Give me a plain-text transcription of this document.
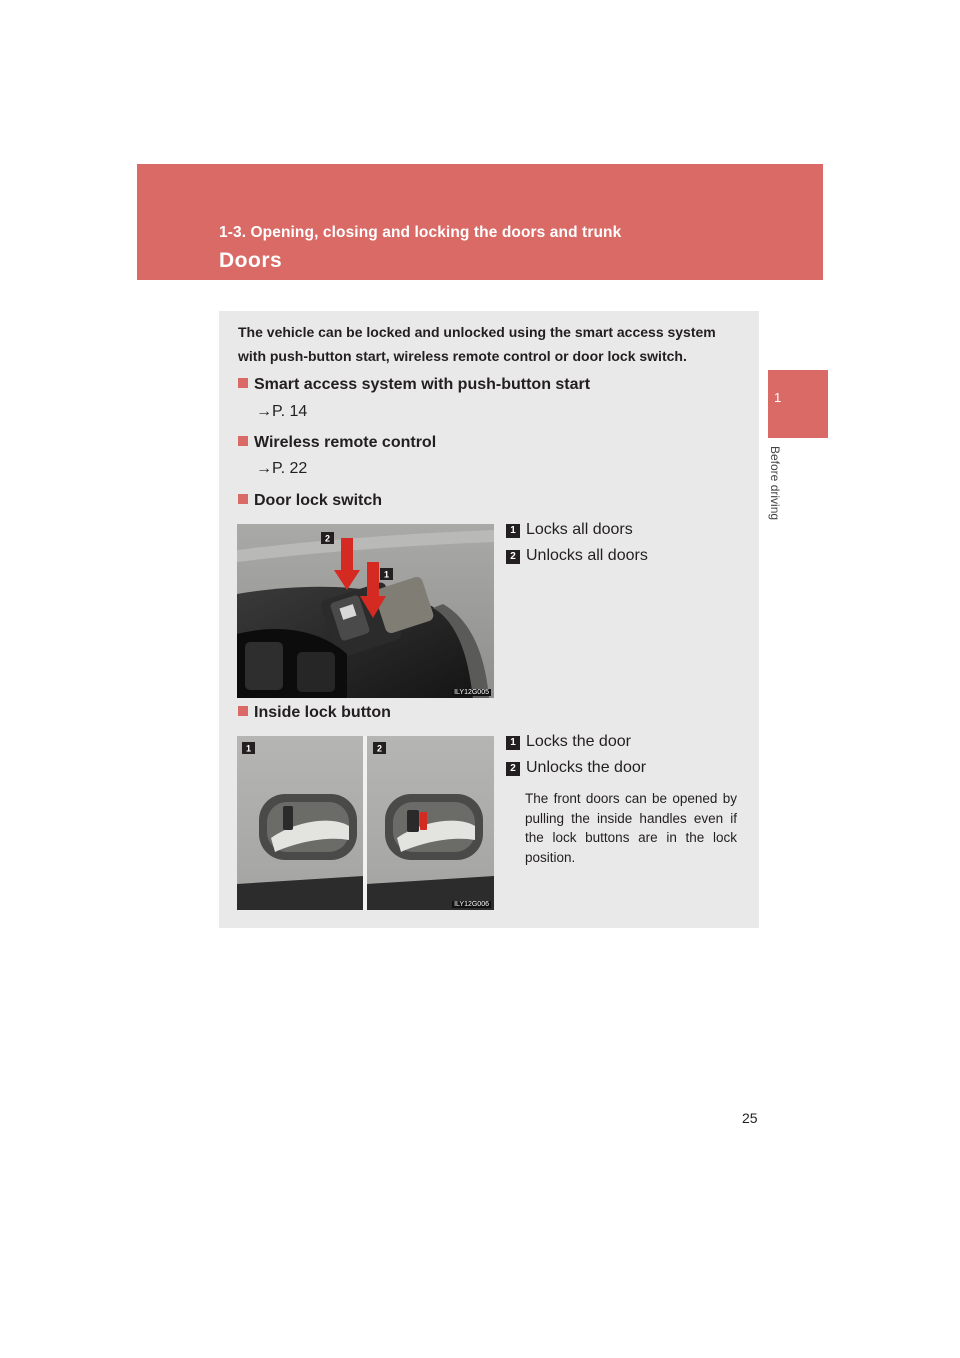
1-3. Opening, closing and locking the doors and trunk
Doors
1
Before driving
The vehicle can be locked and unlocked using the smart access system with push-button start, wireless remote control or door lock switch.
Smart access system with push-button start
→P. 14
Wireless remote control
→P. 22
Door lock switch
2
1
ILY12G005
1 Locks all doors
2 Unlocks all doors
Inside lock button
1	2
ILY12G006
1 Locks the door
2 Unlocks the door
The front doors can be opened by pulling the inside handles even if the lock buttons are in the lock position.
25
